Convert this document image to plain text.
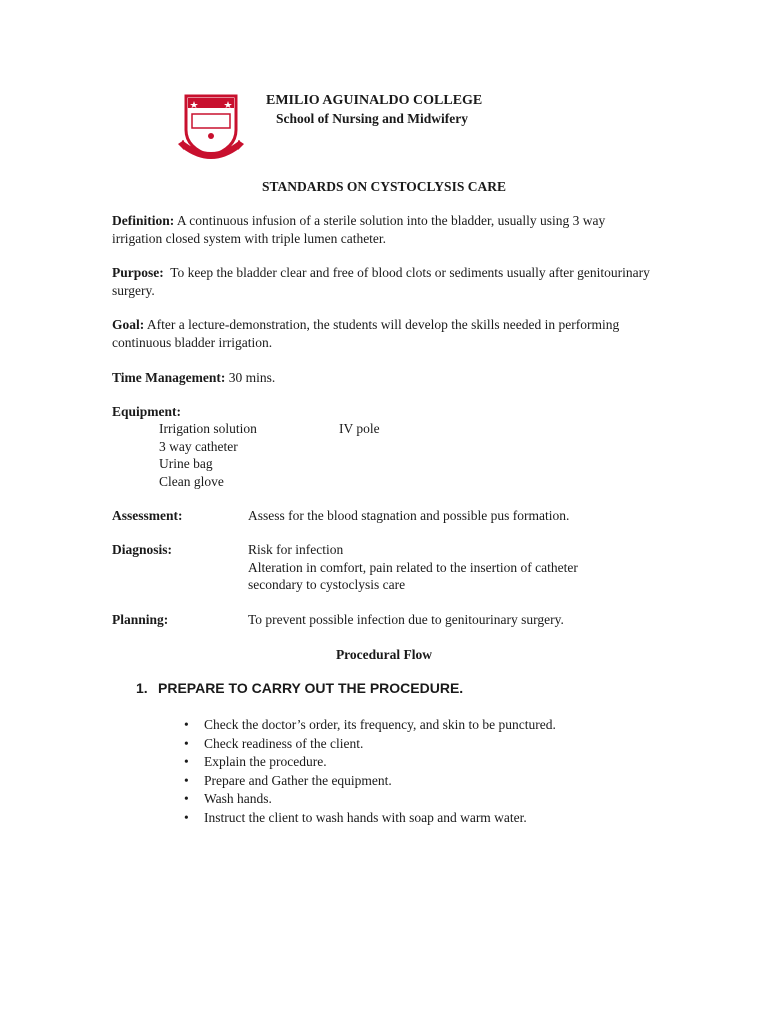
EMILIO AGUINALDO COLLEGE
School of Nursing and Midwifery
STANDARDS ON CYSTOCLYSIS CARE
Definition: A continuous infusion of a sterile solution into the bladder, usually using 3 way irrigation closed system with triple lumen catheter.
Purpose:  To keep the bladder clear and free of blood clots or sediments usually after genitourinary surgery.
Goal: After a lecture-demonstration, the students will develop the skills needed in performing continuous bladder irrigation.
Time Management: 30 mins.
Equipment:
Irrigation solution
3 way catheter
Urine bag
Clean glove
IV pole
Assessment:	Assess for the blood stagnation and possible pus formation.
Diagnosis:	Risk for infection
Alteration in comfort, pain related to the insertion of catheter secondary to cystoclysis care
Planning:	To prevent possible infection due to genitourinary surgery.
Procedural Flow
1. PREPARE TO CARRY OUT THE PROCEDURE.
• Check the doctor’s order, its frequency, and skin to be punctured.
• Check readiness of the client.
• Explain the procedure.
• Prepare and Gather the equipment.
• Wash hands.
• Instruct the client to wash hands with soap and warm water.
